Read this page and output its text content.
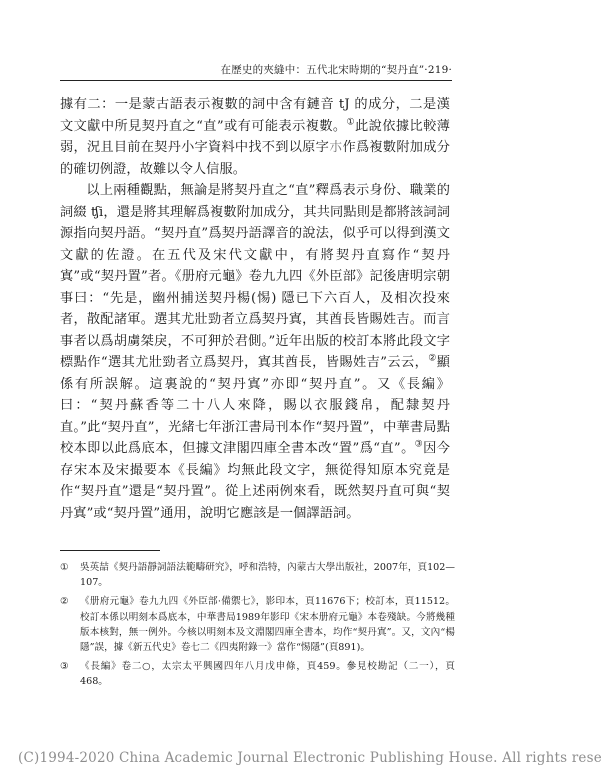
在歷史的夾縫中：五代北宋時期的“契丹直”·219·

據有二：一是蒙古語表示複數的詞中含有鏈音 tJ 的成分，二是漢文文獻中所見契丹直之“直”或有可能表示複數。①此說依據比較薄弱，況且目前在契丹小字資料中找不到以原字朩作爲複數附加成分的確切例證，故難以令人信服。

以上兩種觀點，無論是將契丹直之“直”釋爲表示身份、職業的詞綴 ʧi，還是將其理解爲複數附加成分，其共同點則是都將該詞詞源指向契丹語。“契丹直”爲契丹語譯音的說法，似乎可以得到漢文文獻的佐證。在五代及宋代文獻中，有將契丹直寫作“契丹寘”或“契丹置”者。《册府元龜》卷九九四《外臣部》記後唐明宗朝事曰：“先是，幽州捕送契丹楊(惕) 隱已下六百人，及相次投來者，散配諸軍。選其尤壯勁者立爲契丹寘，其酋長皆賜姓吉。而言事者以爲胡虜桀戾，不可狎於君側。”近年出版的校訂本將此段文字標點作“選其尤壯勁者立爲契丹，寘其酋長，皆賜姓吉”云云，②顯係有所誤解。這裏說的“契丹寘”亦即“契丹直”。又《長編》曰：“契丹蘇香等二十八人來降，賜以衣服錢帛，配隸契丹直。”此“契丹直”，光緒七年浙江書局刊本作“契丹置”，中華書局點校本即以此爲底本，但據文津閣四庫全書本改“置”爲“直”。③因今存宋本及宋撮要本《長編》均無此段文字，無從得知原本究竟是作“契丹直”還是“契丹置”。從上述兩例來看，既然契丹直可與“契丹寘”或“契丹置”通用，說明它應該是一個譯語詞。

①	吳英喆《契丹語靜詞語法範疇研究》，呼和浩特，內蒙古大學出版社，2007年，頁102—107。
②	《册府元龜》卷九九四《外臣部·備禦七》，影印本，頁11676下；校訂本，頁11512。校訂本係以明刻本爲底本，中華書局1989年影印《宋本册府元龜》本卷殘缺。今將幾種版本核對，無一例外。今核以明刻本及文淵閣四庫全書本，均作“契丹寘”。又，文內“楊隱”誤，據《新五代史》卷七二《四夷附錄一》當作“惕隱”(頁891)。
③	《長編》卷二○，太宗太平興國四年八月戊申條，頁459。參見校勘記（二一），頁468。
(C)1994-2020 China Academic Journal Electronic Publishing House. All rights rese
